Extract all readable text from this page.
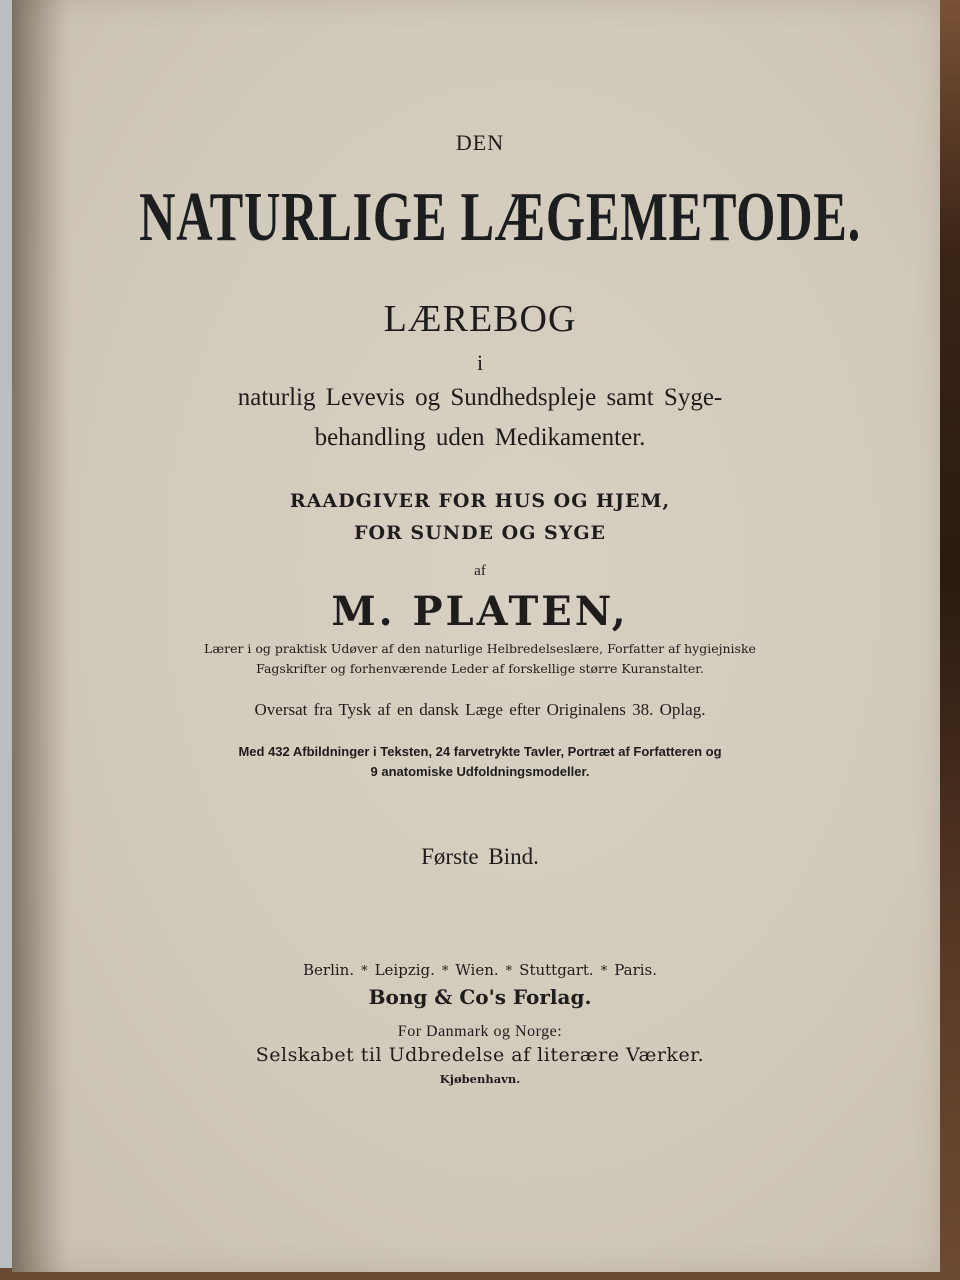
DEN
NATURLIGE LÆGEMETODE.
LÆREBOG
i
naturlig Levevis og Sundhedspleje samt Syge-
behandling uden Medikamenter.
RAADGIVER FOR HUS OG HJEM,
FOR SUNDE OG SYGE
af
M. PLATEN,
Lærer i og praktisk Udøver af den naturlige Helbredelseslære, Forfatter af hygiejniske
Fagskrifter og forhenværende Leder af forskellige større Kuranstalter.
Oversat fra Tysk af en dansk Læge efter Originalens 38. Oplag.
Med 432 Afbildninger i Teksten, 24 farvetrykte Tavler, Portræt af Forfatteren og
9 anatomiske Udfoldningsmodeller.
Første Bind.
Berlin. * Leipzig. * Wien. * Stuttgart. * Paris.
Bong & Co's Forlag.
For Danmark og Norge:
Selskabet til Udbredelse af literære Værker.
Kjøbenhavn.
